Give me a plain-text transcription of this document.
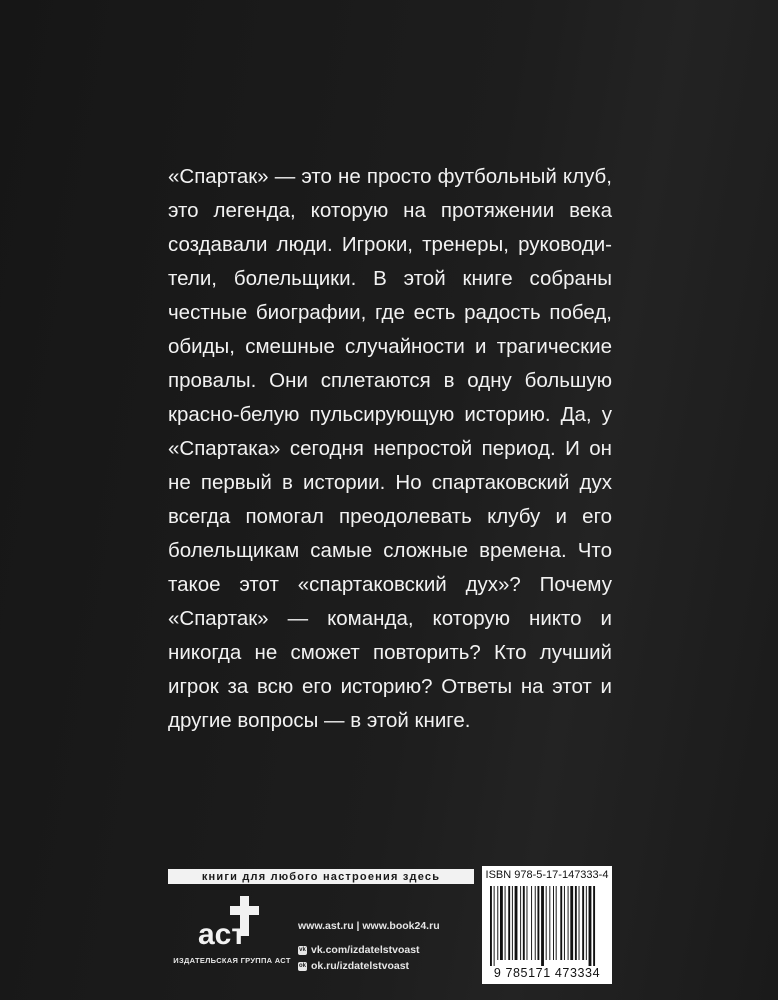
«Спартак» — это не просто футбольный клуб, это легенда, которую на протяжении века создавали люди. Игроки, тренеры, руководители, болельщики. В этой книге собраны честные биографии, где есть радость побед, обиды, смешные случайности и трагические провалы. Они сплетаются в одну большую красно-белую пульсирующую историю. Да, у «Спартака» сегодня непростой период. И он не первый в истории. Но спартаковский дух всегда помогал преодолевать клубу и его болельщикам самые сложные времена. Что такое этот «спартаковский дух»? Почему «Спартак» — команда, которую никто и никогда не сможет повторить? Кто лучший игрок за всю его историю? Ответы на этот и другие вопросы — в этой книге.

книги для любого настроения здесь
аст
ИЗДАТЕЛЬСКАЯ ГРУППА АСТ
www.ast.ru | www.book24.ru
vk vk.com/izdatelstvoast
ok ok.ru/izdatelstvoast
ISBN 978-5-17-147333-4
9 785171 473334
